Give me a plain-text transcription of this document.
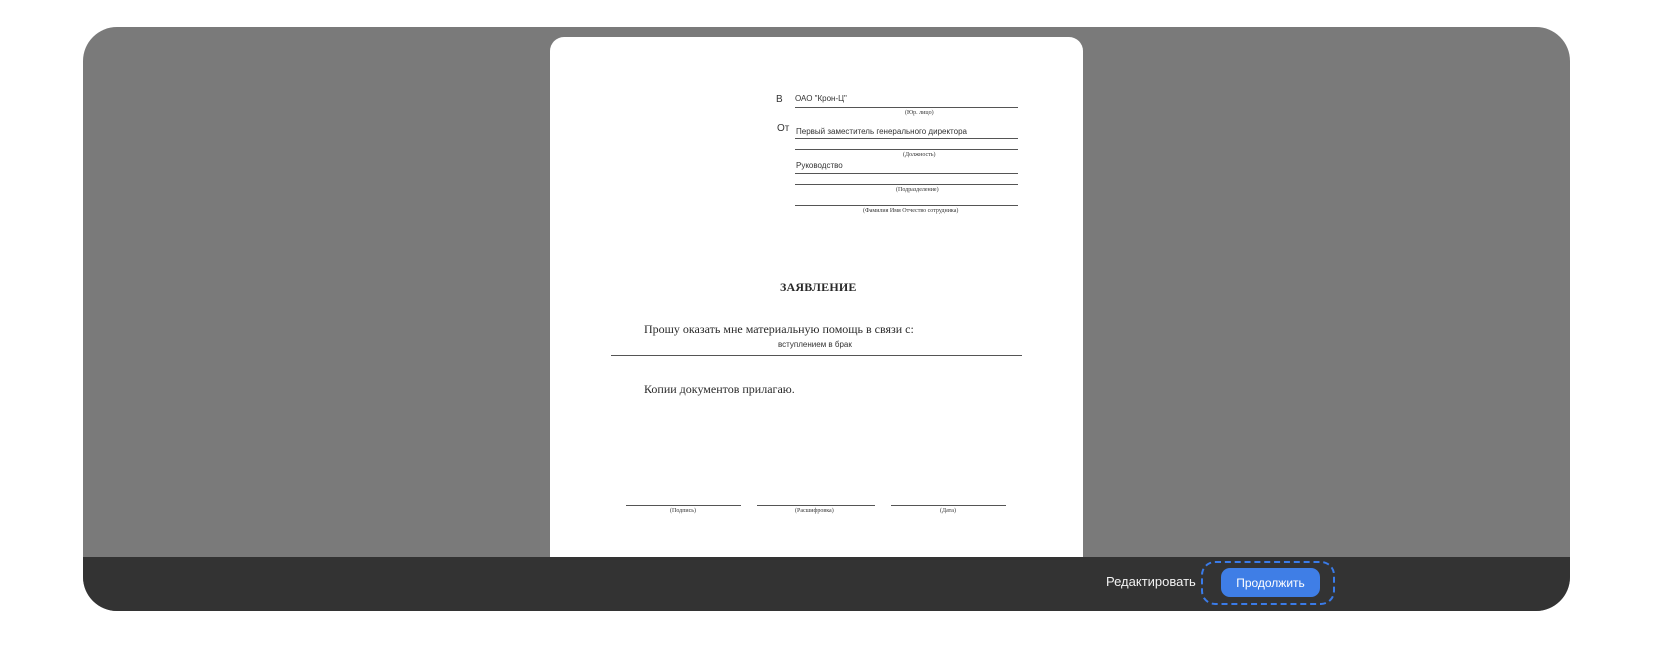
В ОАО "Крон-Ц"
(Юр. лицо)
От Первый заместитель генерального директора
(Должность)
Руководство
(Подразделение)
(Фамилия Имя Отчество сотрудника)
ЗАЯВЛЕНИЕ
Прошу оказать мне материальную помощь в связи с:
вступлением в брак
Копии документов прилагаю.
(Подпись)	(Расшифровка)	(Дата)
Редактировать	Продолжить
